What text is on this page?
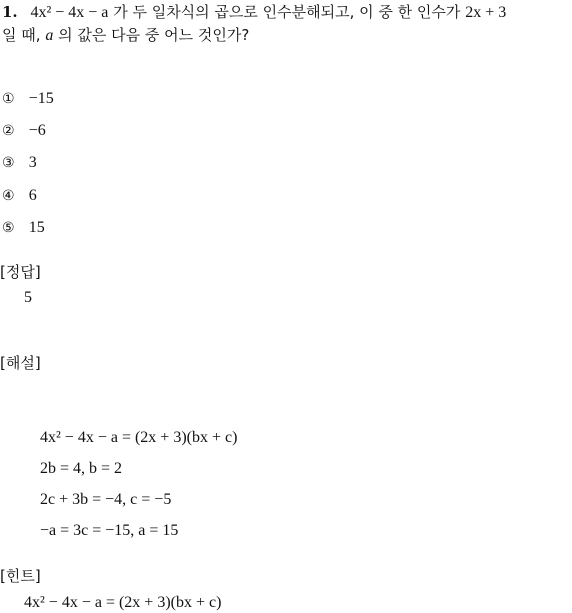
1. 4x² − 4x − a 가 두 일차식의 곱으로 인수분해되고, 이 중 한 인수가 2x + 3
일 때, a 의 값은 다음 중 어느 것인가?
① −15
② −6
③ 3
④ 6
⑤ 15
[정답]
5
[해설]
4x² − 4x − a = (2x + 3)(bx + c)
2b = 4, b = 2
2c + 3b = −4, c = −5
−a = 3c = −15, a = 15
[힌트]
4x² − 4x − a = (2x + 3)(bx + c)
